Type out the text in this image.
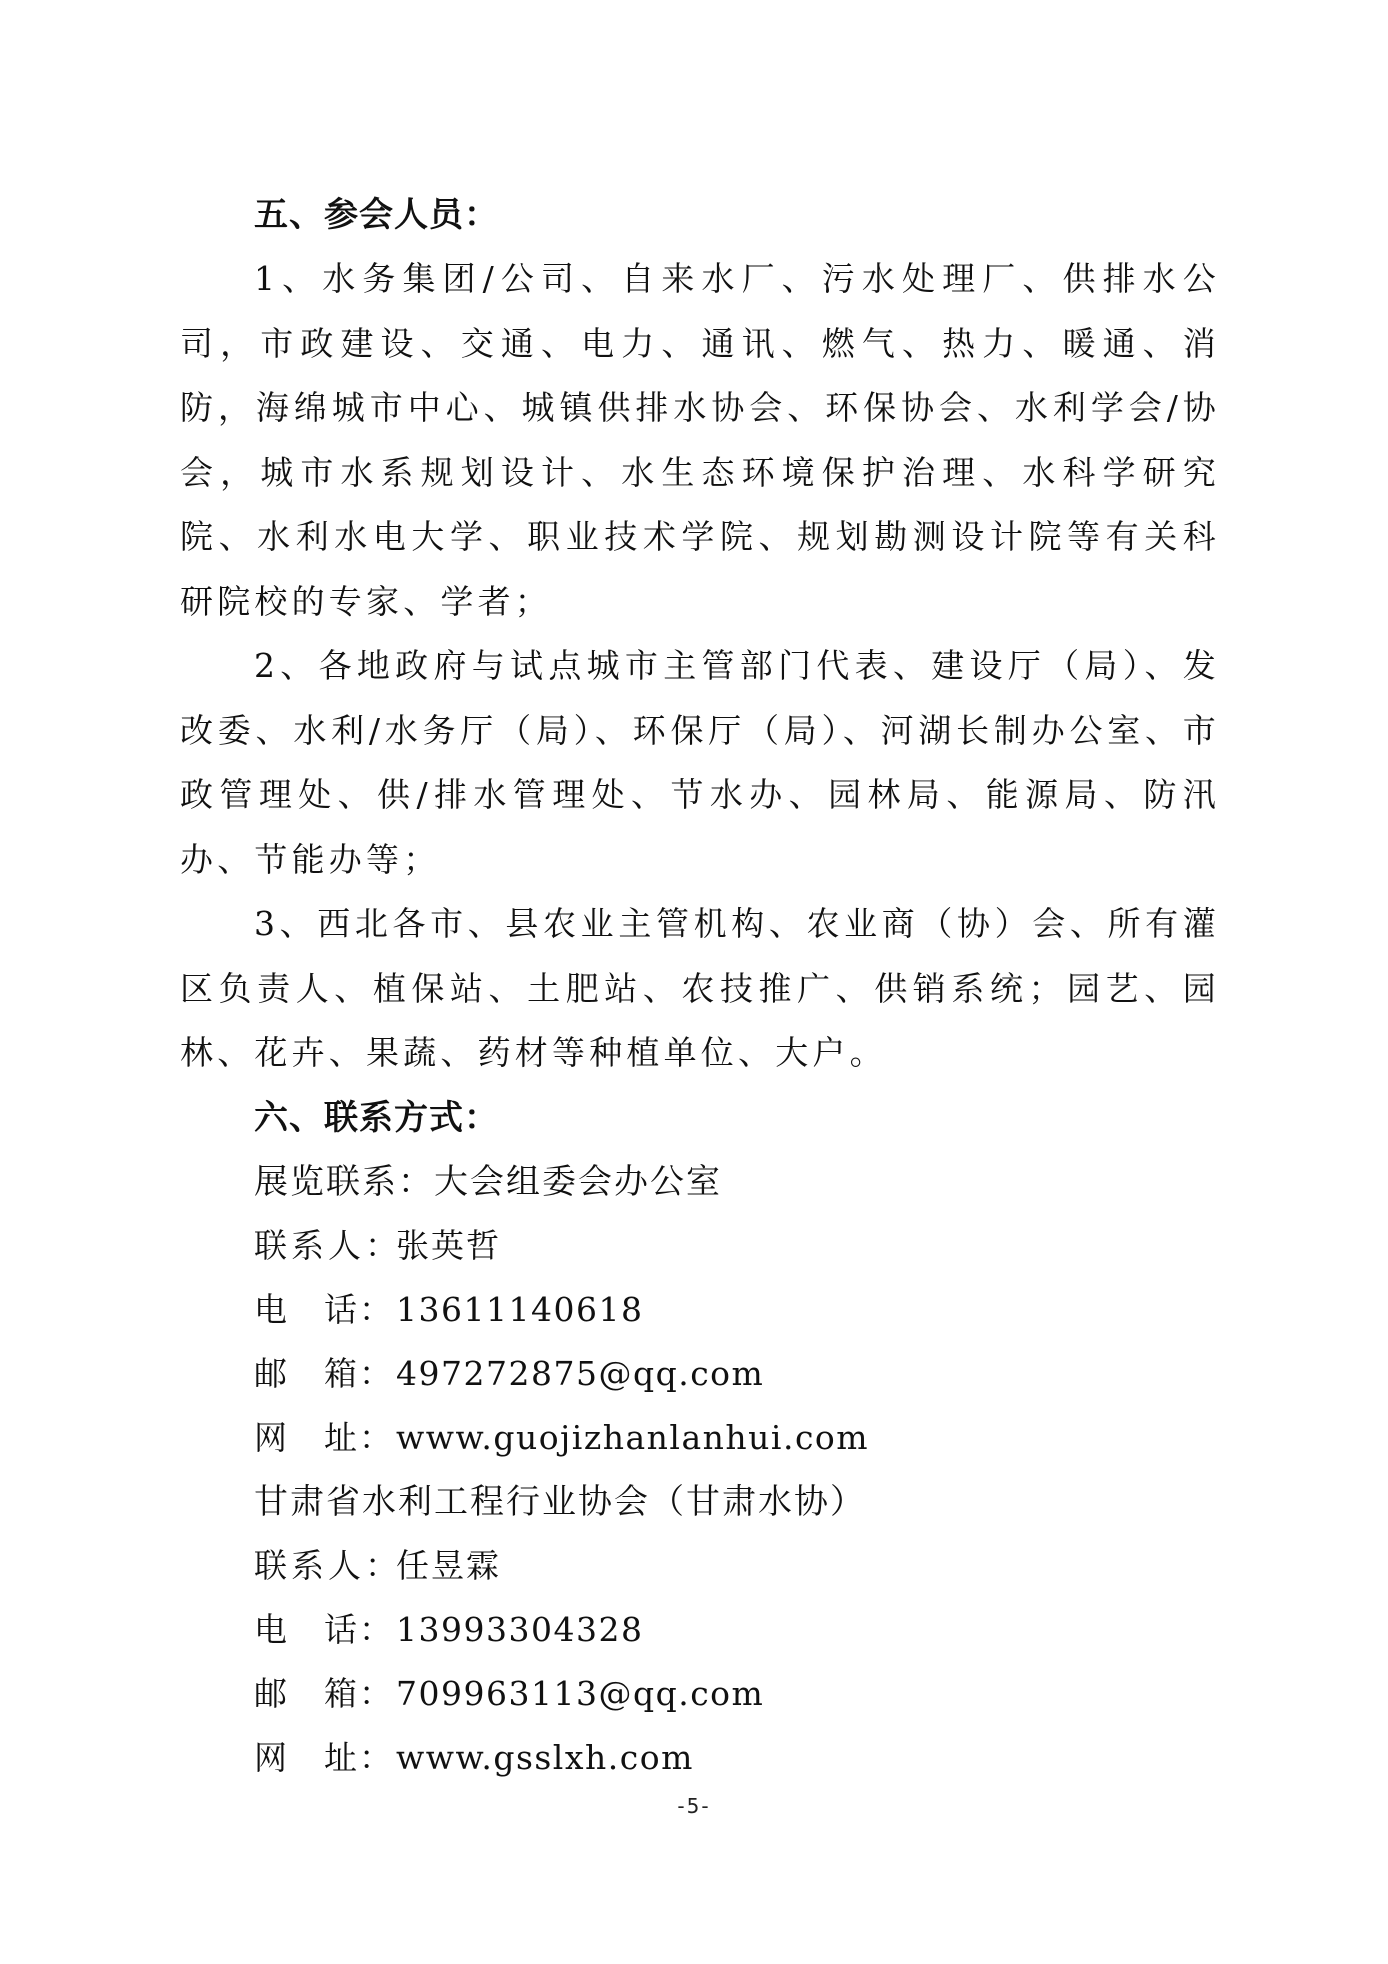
五、参会人员：

1、水务集团/公司、自来水厂、污水处理厂、供排水公司，市政建设、交通、电力、通讯、燃气、热力、暖通、消防，海绵城市中心、城镇供排水协会、环保协会、水利学会/协会，城市水系规划设计、水生态环境保护治理、水科学研究院、水利水电大学、职业技术学院、规划勘测设计院等有关科研院校的专家、学者；

2、各地政府与试点城市主管部门代表、建设厅（局）、发改委、水利/水务厅（局）、环保厅（局）、河湖长制办公室、市政管理处、供/排水管理处、节水办、园林局、能源局、防汛办、节能办等；

3、西北各市、县农业主管机构、农业商（协）会、所有灌区负责人、植保站、土肥站、农技推广、供销系统；园艺、园林、花卉、果蔬、药材等种植单位、大户。

六、联系方式：

展览联系：大会组委会办公室

联系人：张英哲

电　话：13611140618

邮　箱：497272875@qq.com

网　址：www.guojizhanlanhui.com

甘肃省水利工程行业协会（甘肃水协）

联系人：任昱霖

电　话：13993304328

邮　箱：709963113@qq.com

网　址：www.gsslxh.com

-5-
